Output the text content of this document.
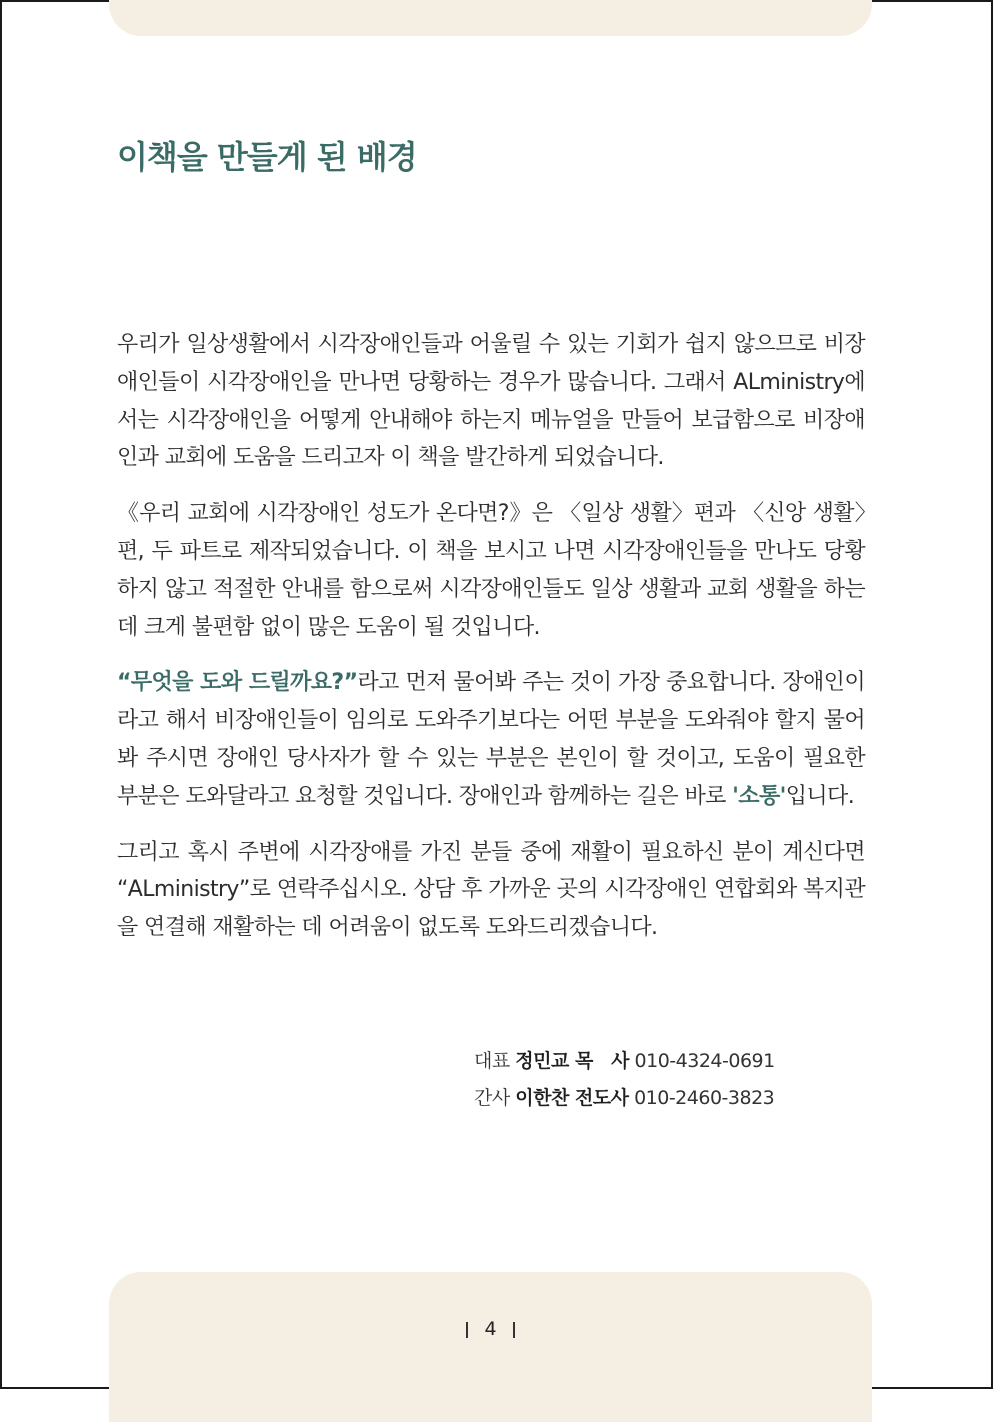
이책을 만들게 된 배경

우리가 일상생활에서 시각장애인들과 어울릴 수 있는 기회가 쉽지 않으므로 비장애인들이 시각장애인을 만나면 당황하는 경우가 많습니다. 그래서 ALministry에서는 시각장애인을 어떻게 안내해야 하는지 메뉴얼을 만들어 보급함으로 비장애인과 교회에 도움을 드리고자 이 책을 발간하게 되었습니다.

《우리 교회에 시각장애인 성도가 온다면?》은 〈일상 생활〉편과 〈신앙 생활〉편, 두 파트로 제작되었습니다. 이 책을 보시고 나면 시각장애인들을 만나도 당황하지 않고 적절한 안내를 함으로써 시각장애인들도 일상 생활과 교회 생활을 하는데 크게 불편함 없이 많은 도움이 될 것입니다.

“무엇을 도와 드릴까요?”라고 먼저 물어봐 주는 것이 가장 중요합니다. 장애인이라고 해서 비장애인들이 임의로 도와주기보다는 어떤 부분을 도와줘야 할지 물어봐 주시면 장애인 당사자가 할 수 있는 부분은 본인이 할 것이고, 도움이 필요한 부분은 도와달라고 요청할 것입니다. 장애인과 함께하는 길은 바로 '소통'입니다.

그리고 혹시 주변에 시각장애를 가진 분들 중에 재활이 필요하신 분이 계신다면 “ALministry”로 연락주십시오. 상담 후 가까운 곳의 시각장애인 연합회와 복지관을 연결해 재활하는 데 어려움이 없도록 도와드리겠습니다.

대표 정민교 목   사 010-4324-0691
간사 이한찬 전도사 010-2460-3823
4
